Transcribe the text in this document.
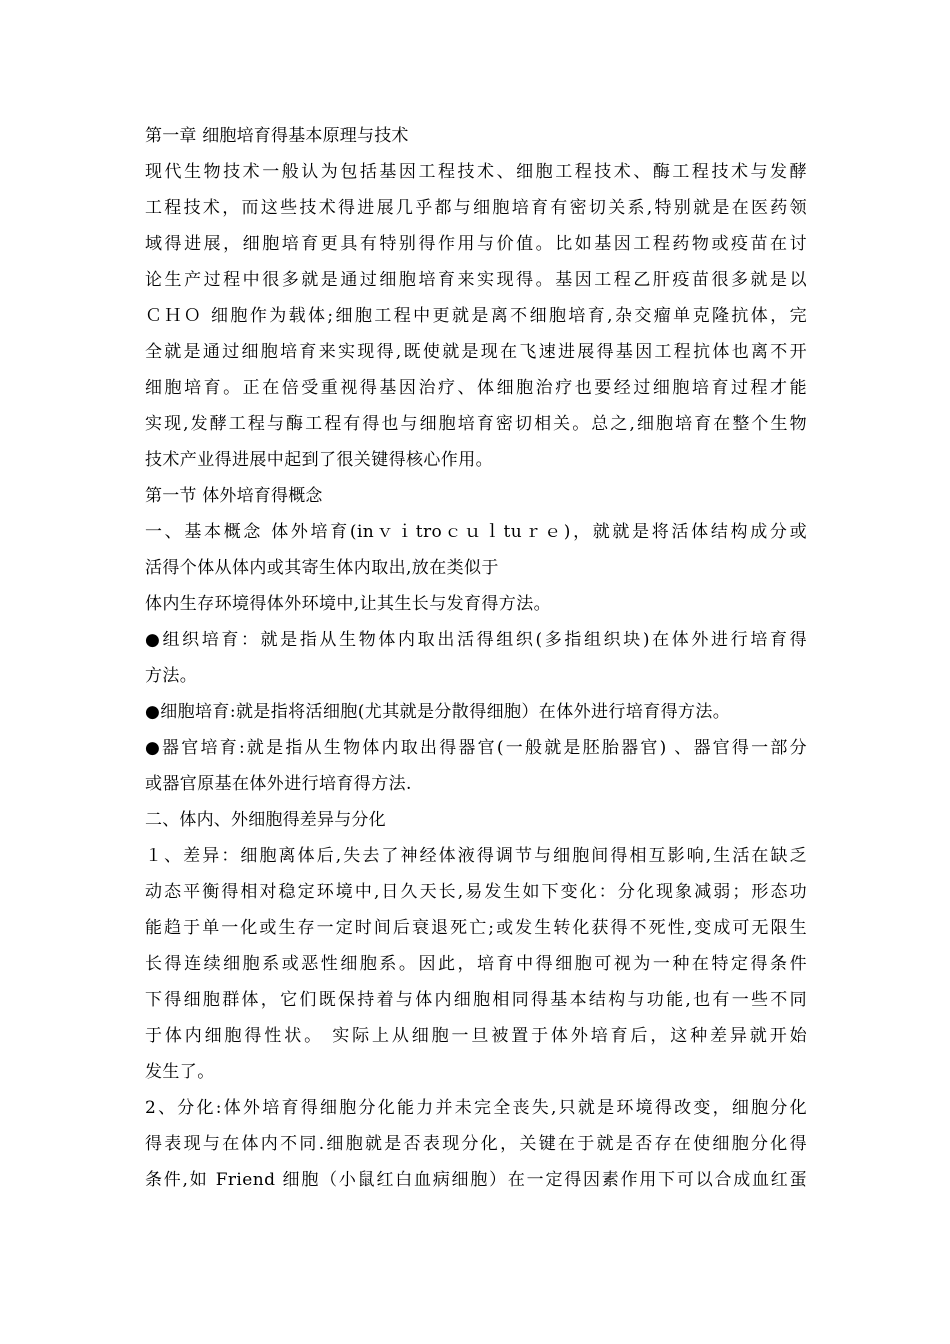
第一章 细胞培育得基本原理与技术
现代生物技术一般认为包括基因工程技术、细胞工程技术、酶工程技术与发酵
工程技术，而这些技术得进展几乎都与细胞培育有密切关系,特别就是在医药领
域得进展，细胞培育更具有特别得作用与价值。比如基因工程药物或疫苗在讨
论生产过程中很多就是通过细胞培育来实现得。基因工程乙肝疫苗很多就是以
ＣＨＯ 细胞作为载体;细胞工程中更就是离不细胞培育,杂交瘤单克隆抗体，完
全就是通过细胞培育来实现得,既使就是现在飞速进展得基因工程抗体也离不开
细胞培育。正在倍受重视得基因治疗、体细胞治疗也要经过细胞培育过程才能
实现,发酵工程与酶工程有得也与细胞培育密切相关。总之,细胞培育在整个生物
技术产业得进展中起到了很关键得核心作用。
第一节 体外培育得概念
一、基本概念 体外培育(inｖｉtroｃｕｌtuｒｅ)，就就是将活体结构成分或
活得个体从体内或其寄生体内取出,放在类似于
体内生存环境得体外环境中,让其生长与发育得方法。
●组织培育：就是指从生物体内取出活得组织(多指组织块)在体外进行培育得
方法。
●细胞培育:就是指将活细胞(尤其就是分散得细胞）在体外进行培育得方法。
●器官培育:就是指从生物体内取出得器官(一般就是胚胎器官) 、器官得一部分
或器官原基在体外进行培育得方法.
二、体内、外细胞得差异与分化
１、差异：细胞离体后,失去了神经体液得调节与细胞间得相互影响,生活在缺乏
动态平衡得相对稳定环境中,日久天长,易发生如下变化：分化现象减弱；形态功
能趋于单一化或生存一定时间后衰退死亡;或发生转化获得不死性,变成可无限生
长得连续细胞系或恶性细胞系。因此，培育中得细胞可视为一种在特定得条件
下得细胞群体，它们既保持着与体内细胞相同得基本结构与功能,也有一些不同
于体内细胞得性状。 实际上从细胞一旦被置于体外培育后，这种差异就开始
发生了。
2、分化:体外培育得细胞分化能力并未完全丧失,只就是环境得改变，细胞分化
得表现与在体内不同.细胞就是否表现分化，关键在于就是否存在使细胞分化得
条件,如 Friend 细胞（小鼠红白血病细胞）在一定得因素作用下可以合成血红蛋
